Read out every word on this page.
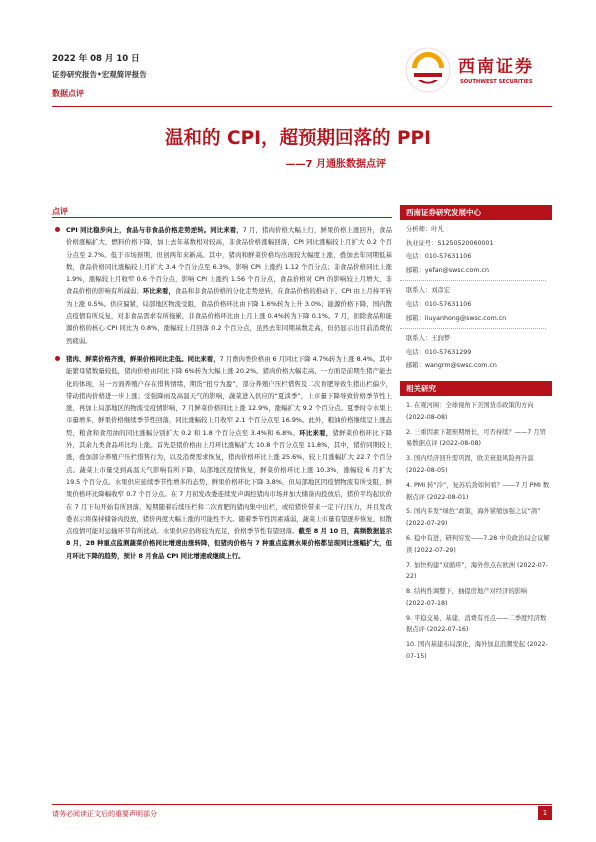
2022 年 08 月 10 日
证券研究报告•宏观简评报告
数据点评
西南证券
SOUTHWEST SECURITIES
温和的 CPI，超预期回落的 PPI
——7 月通胀数据点评
点评

CPI 同比稳步向上，食品与非食品价格走势逆转。同比来看，7 月，猪肉价格大幅上行，鲜果价格上涨回升，食品价格涨幅扩大，燃料价格下降，加上去年基数相对较高，非食品价格涨幅回落，CPI 同比涨幅较上月扩大 0.2 个百分点至 2.7%。低于市场预期，但创两年来新高。其中，猪肉和鲜菜价格均出现较大幅度上涨，叠加去年同期低基数，食品价格同比涨幅较上月扩大 3.4 个百分点至 6.3%，影响 CPI 上涨约 1.12 个百分点；非食品价格同比上涨 1.9%，涨幅较上月收窄 0.6 个百分点，影响 CPI 上涨约 1.56 个百分点，食品价格对 CPI 的影响较上月增大，非食品价格的影响有所减弱；环比来看，食品和非食品价格的分化走势逆转，在食品价格的推动下，CPI 由上月持平转为上涨 0.5%。供应偏紧，局部地区物流受阻，食品价格环比由下降 1.6%转为上升 3.0%；能源价格下降，国内散点疫情有所反复，对非食品需求有所拖累，非食品价格环比由上月上涨 0.4%转为下降 0.1%。7 月，扣除食品和能源价格的核心 CPI 同比为 0.8%，涨幅较上月回落 0.2 个百分点，虽然去年同期基数走高，但仍显示出目前消费依然疲弱。

猪肉、鲜菜价格齐涨，鲜果价格同比走低。同比来看，7 月畜肉类价格由 6 月同比下降 4.7%转为上涨 8.4%。其中能繁母猪数量较低，猪肉价格由同比下降 6%转为大幅上涨 20.2%。猪肉价格大幅走高，一方面是前期生猪产能去化的体现，另一方面养殖户存在惜售情绪，期货“扭亏为盈”，部分养殖户压栏惜售及二次育肥导致生猪出栏偏少，带动猪肉价格进一步上涨；受强降雨及高温天气的影响，蔬菜进入供应的“夏淡季”，上市量下降导致价格季节性上涨，再加上局部地区的物流受疫情影响，7 月鲜菜价格同比上涨 12.9%，涨幅扩大 9.2 个百分点。夏季时令水果上市量增多，鲜果价格继续季节性回落，同比涨幅较上月收窄 2.1 个百分点至 16.9%。此外，粮油价格继续呈上涨态势，粮食和食用油的同比涨幅分别扩大 0.2 和 1.8 个百分点至 3.4%和 6.8%。环比来看，猪鲜菜价格环比下降外，其余九类食品环比均上涨。首先是猪价格由上月环比涨幅扩大 10.8 个百分点至 11.8%，其中，猪价同期较上涨，叠加部分养殖户压栏惜售行为，以及消费需求恢复，猪肉价格环比上涨 25.6%，较上月涨幅扩大 22.7 个百分点。蔬菜上市量受到高温天气影响有所下降，局部地区疫情恢复，鲜菜价格环比上涨 10.3%，涨幅较 6 月扩大 19.5 个百分点。水果供应延续季节性增多的态势，鲜果价格环比下降 3.8%，但局部地区因疫情物流有所受阻，鲜果价格环比降幅收窄 0.7 个百分点。在 7 月初发改委连续发声调控猪肉市场并加大储备肉投放后，猪价平均起伏价在 7 月下旬开始有所回落，短期随着后续压栏和二次育肥的猪肉集中出栏，或给猪价带来一定下行压力，并且发改委表示将保持储备肉投放，猪价再度大幅上涨的可能性不大。随着季节性因素减弱，蔬菜上市量有望逐步恢复，但散点疫情可能对运输环节有所扰动。水果供应仍将较为充足，价格季节性有望回落。截至 8 月 10 日，高频数据显示 8 月，28 种重点监测蔬菜价格同比增速由涨转降，但猪肉价格与 7 种重点监测水果价格都呈现同比涨幅扩大，但月环比下降的趋势，预计 8 月食品 CPI 同比增速或继续上行。

西南证券研究发展中心
分析师：叶凡
执业证号：S1250520060001
电话：010-57631106
邮箱：yefan@swsc.com.cn
联系人：刘彦宏
电话：010-57631106
邮箱：liuyanhong@swsc.com.cn
联系人：王润梦
电话：010-57631299
邮箱：wangrm@swsc.com.cn
相关研究
1. 在观河阁：全球视角下美国货币政策的方向 (2022-08-08)
2. 三重因素下超预期增长，可否持续？——7 月贸易数据点评 (2022-08-08)
3. 国内经济回升需巩固，欧美衰退风险再升温 (2022-08-05)
4. PMI 转“冷”，复苏后劲如何看？——7 月 PMI 数据点评 (2022-08-01)
5. 国内多发“绿色”政策，海外紧缩加强之议“鸽” (2022-07-29)
6. 稳中有进，研判穷发——7.28 中央政治局会议解读 (2022-07-29)
7. 加快构建“双循环”，海外焦点在欧洲 (2022-07-22)
8. 结构性调整下，抽提房地产对经济的影响 (2022-07-18)
9. 平稳交易、基建、消费有亮点——二季度经济数据点评 (2022-07-16)
10. 国内基建布局深化，海外加息浪潮发起 (2022-07-15)
请务必阅读正文后的重要声明部分	1
